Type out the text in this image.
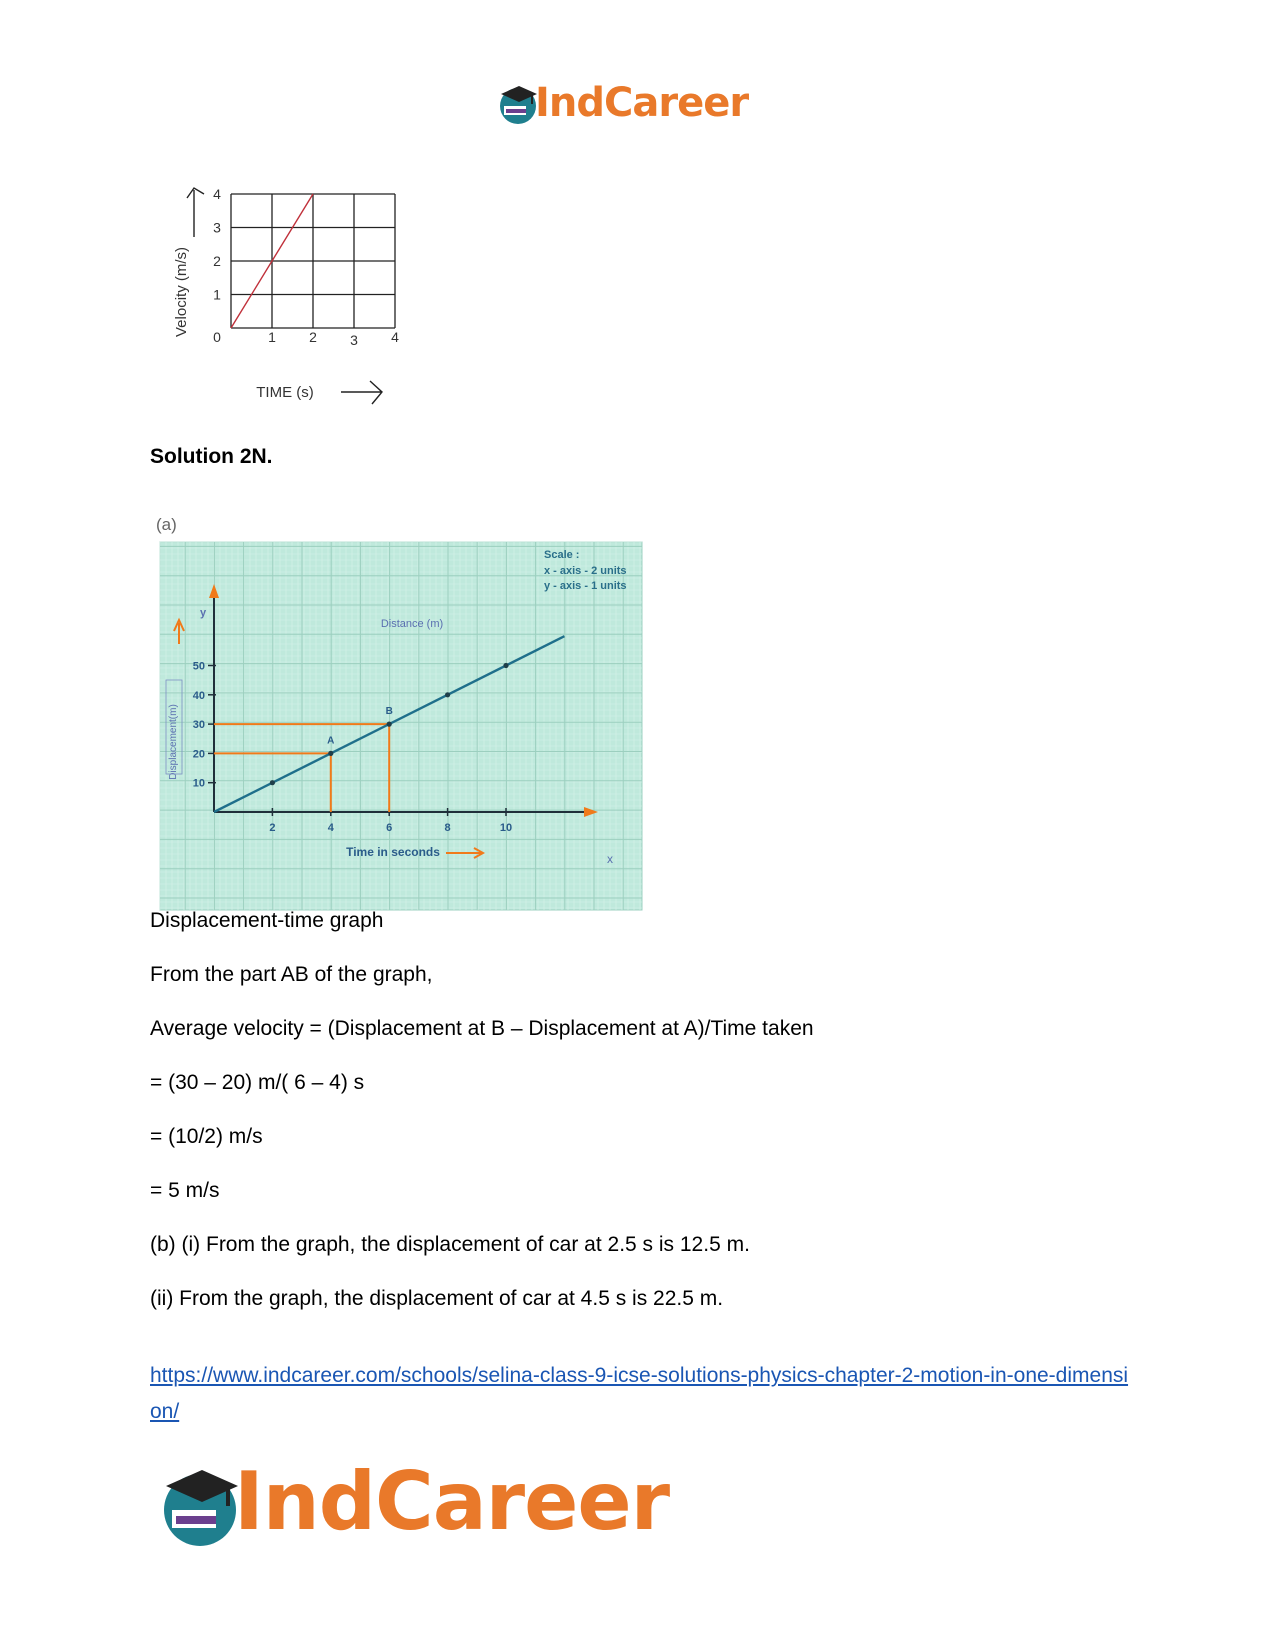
IndCareer
0	1 2 3 4
1
2
3
4
Velocity (m/s)
TIME (s)
Solution 2N.
(a)
Scale :
x - axis - 2 units
y - axis - 1 units
Distance (m)
y
x
2	4	6	8	10
10
20
30
40
50
A
B
Displacement(m)
Time in seconds
Displacement-time graph
From the part AB of the graph,
Average velocity = (Displacement at B – Displacement at A)/Time taken
= (30 – 20) m/( 6 – 4) s
= (10/2) m/s
= 5 m/s
(b) (i) From the graph, the displacement of car at 2.5 s is 12.5 m.
(ii) From the graph, the displacement of car at 4.5 s is 22.5 m.
https://www.indcareer.com/schools/selina-class-9-icse-solutions-physics-chapter-2-motion-in-one-dimension/
IndCareer
